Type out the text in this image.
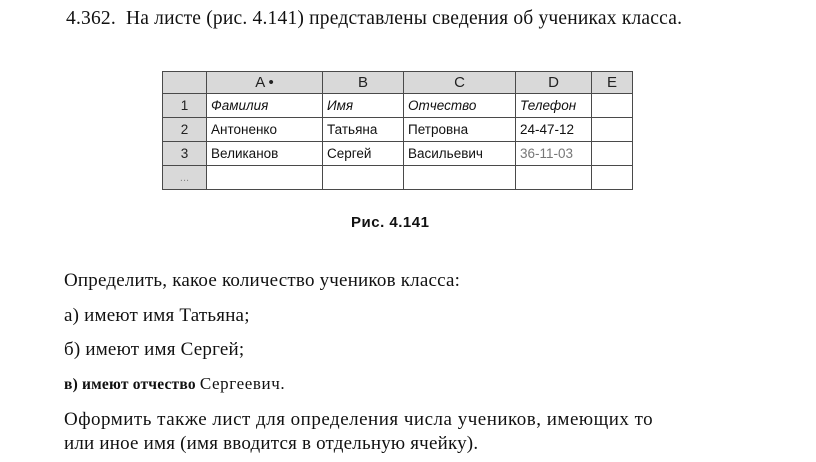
4.362. На листе (рис. 4.141) представлены сведения об учениках класса.
	A •	B	C	D	E
1	Фамилия	Имя	Отчество	Телефон	
2	Антоненко	Татьяна	Петровна	24-47-12	
3	Великанов	Сергей	Васильевич	36-11-03	
...					
Рис. 4.141
Определить, какое количество учеников класса:
а) имеют имя Татьяна;
б) имеют имя Сергей;
в) имеют отчество Сергеевич.
Оформить также лист для определения числа учеников, имеющих то
или иное имя (имя вводится в отдельную ячейку).
